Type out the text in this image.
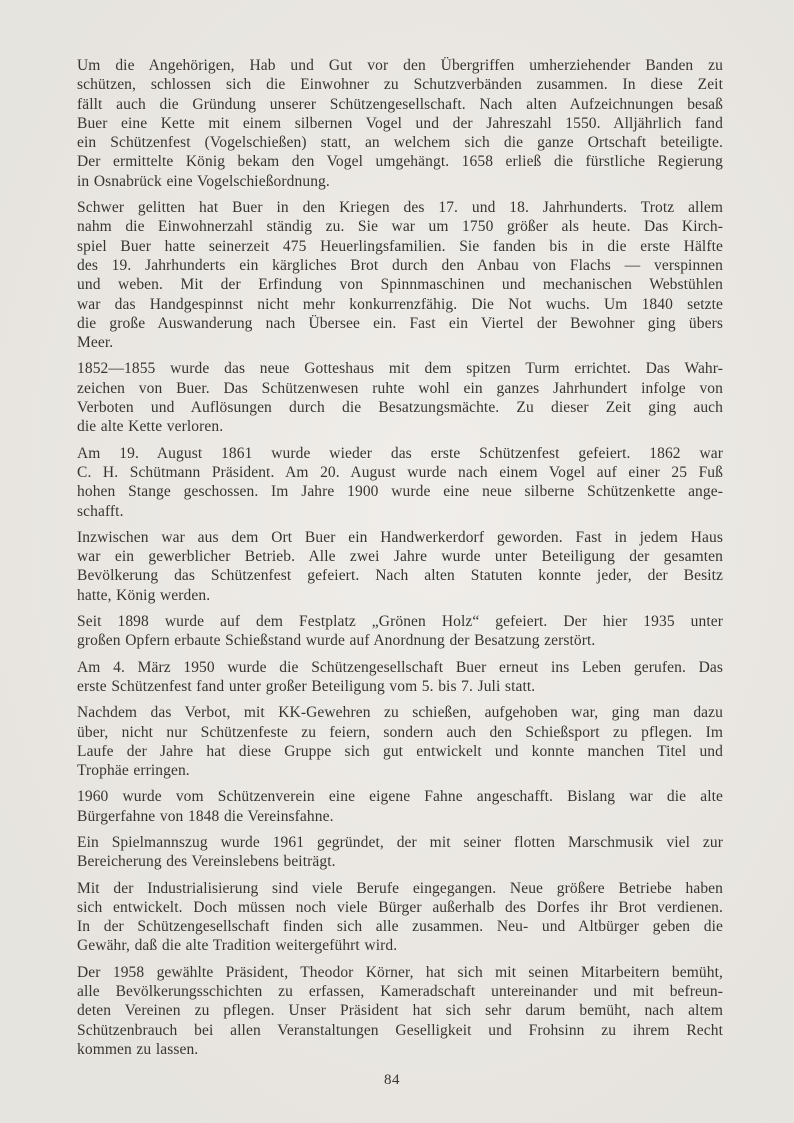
Um die Angehörigen, Hab und Gut vor den Übergriffen umherziehender Banden zu
schützen, schlossen sich die Einwohner zu Schutzverbänden zusammen. In diese Zeit
fällt auch die Gründung unserer Schützengesellschaft. Nach alten Aufzeichnungen besaß
Buer eine Kette mit einem silbernen Vogel und der Jahreszahl 1550. Alljährlich fand
ein Schützenfest (Vogelschießen) statt, an welchem sich die ganze Ortschaft beteiligte.
Der ermittelte König bekam den Vogel umgehängt. 1658 erließ die fürstliche Regierung
in Osnabrück eine Vogelschießordnung.
Schwer gelitten hat Buer in den Kriegen des 17. und 18. Jahrhunderts. Trotz allem
nahm die Einwohnerzahl ständig zu. Sie war um 1750 größer als heute. Das Kirch-
spiel Buer hatte seinerzeit 475 Heuerlingsfamilien. Sie fanden bis in die erste Hälfte
des 19. Jahrhunderts ein kärgliches Brot durch den Anbau von Flachs — verspinnen
und weben. Mit der Erfindung von Spinnmaschinen und mechanischen Webstühlen
war das Handgespinnst nicht mehr konkurrenzfähig. Die Not wuchs. Um 1840 setzte
die große Auswanderung nach Übersee ein. Fast ein Viertel der Bewohner ging übers
Meer.
1852—1855 wurde das neue Gotteshaus mit dem spitzen Turm errichtet. Das Wahr-
zeichen von Buer. Das Schützenwesen ruhte wohl ein ganzes Jahrhundert infolge von
Verboten und Auflösungen durch die Besatzungsmächte. Zu dieser Zeit ging auch
die alte Kette verloren.
Am 19. August 1861 wurde wieder das erste Schützenfest gefeiert. 1862 war
C. H. Schütmann Präsident. Am 20. August wurde nach einem Vogel auf einer 25 Fuß
hohen Stange geschossen. Im Jahre 1900 wurde eine neue silberne Schützenkette ange-
schafft.
Inzwischen war aus dem Ort Buer ein Handwerkerdorf geworden. Fast in jedem Haus
war ein gewerblicher Betrieb. Alle zwei Jahre wurde unter Beteiligung der gesamten
Bevölkerung das Schützenfest gefeiert. Nach alten Statuten konnte jeder, der Besitz
hatte, König werden.
Seit 1898 wurde auf dem Festplatz „Grönen Holz“ gefeiert. Der hier 1935 unter
großen Opfern erbaute Schießstand wurde auf Anordnung der Besatzung zerstört.
Am 4. März 1950 wurde die Schützengesellschaft Buer erneut ins Leben gerufen. Das
erste Schützenfest fand unter großer Beteiligung vom 5. bis 7. Juli statt.
Nachdem das Verbot, mit KK-Gewehren zu schießen, aufgehoben war, ging man dazu
über, nicht nur Schützenfeste zu feiern, sondern auch den Schießsport zu pflegen. Im
Laufe der Jahre hat diese Gruppe sich gut entwickelt und konnte manchen Titel und
Trophäe erringen.
1960 wurde vom Schützenverein eine eigene Fahne angeschafft. Bislang war die alte
Bürgerfahne von 1848 die Vereinsfahne.
Ein Spielmannszug wurde 1961 gegründet, der mit seiner flotten Marschmusik viel zur
Bereicherung des Vereinslebens beiträgt.
Mit der Industrialisierung sind viele Berufe eingegangen. Neue größere Betriebe haben
sich entwickelt. Doch müssen noch viele Bürger außerhalb des Dorfes ihr Brot verdienen.
In der Schützengesellschaft finden sich alle zusammen. Neu- und Altbürger geben die
Gewähr, daß die alte Tradition weitergeführt wird.
Der 1958 gewählte Präsident, Theodor Körner, hat sich mit seinen Mitarbeitern bemüht,
alle Bevölkerungsschichten zu erfassen, Kameradschaft untereinander und mit befreun-
deten Vereinen zu pflegen. Unser Präsident hat sich sehr darum bemüht, nach altem
Schützenbrauch bei allen Veranstaltungen Geselligkeit und Frohsinn zu ihrem Recht
kommen zu lassen.
84
